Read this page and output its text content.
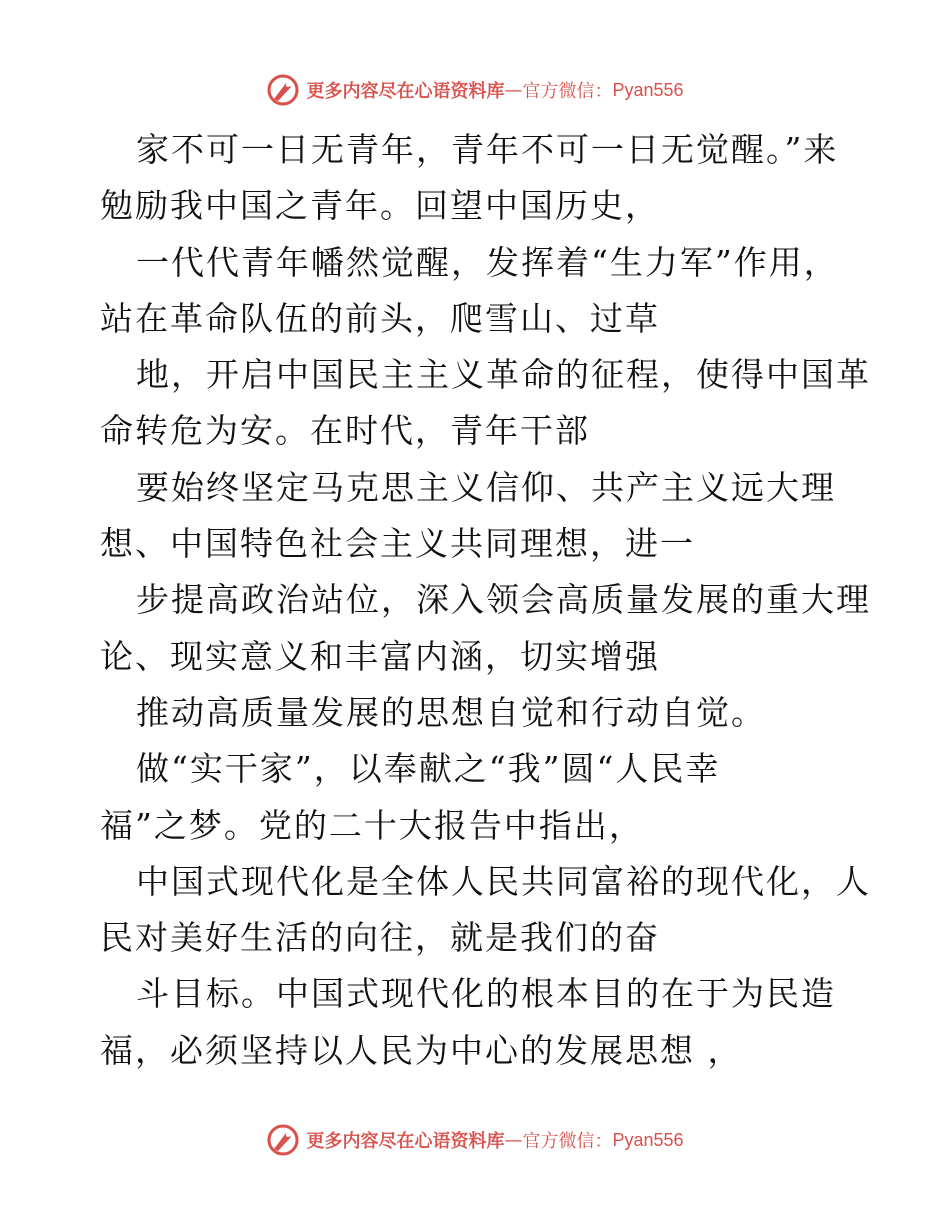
更多内容尽在心语资料库 — 官方微信： Pyan556
家不可一日无青年，青年不可一日无觉醒。”来
勉励我中国之青年。回望中国历史，
一代代青年幡然觉醒，发挥着“生力军”作用，
站在革命队伍的前头，爬雪山、过草
地，开启中国民主主义革命的征程，使得中国革
命转危为安。在时代，青年干部
要始终坚定马克思主义信仰、共产主义远大理
想、中国特色社会主义共同理想，进一
步提高政治站位，深入领会高质量发展的重大理
论、现实意义和丰富内涵，切实增强
推动高质量发展的思想自觉和行动自觉。
做“实干家”，以奉献之“我”圆“人民幸
福”之梦。党的二十大报告中指出，
中国式现代化是全体人民共同富裕的现代化，人
民对美好生活的向往，就是我们的奋
斗目标。中国式现代化的根本目的在于为民造
福，必须坚持以人民为中心的发展思想 ，
更多内容尽在心语资料库 — 官方微信： Pyan556
